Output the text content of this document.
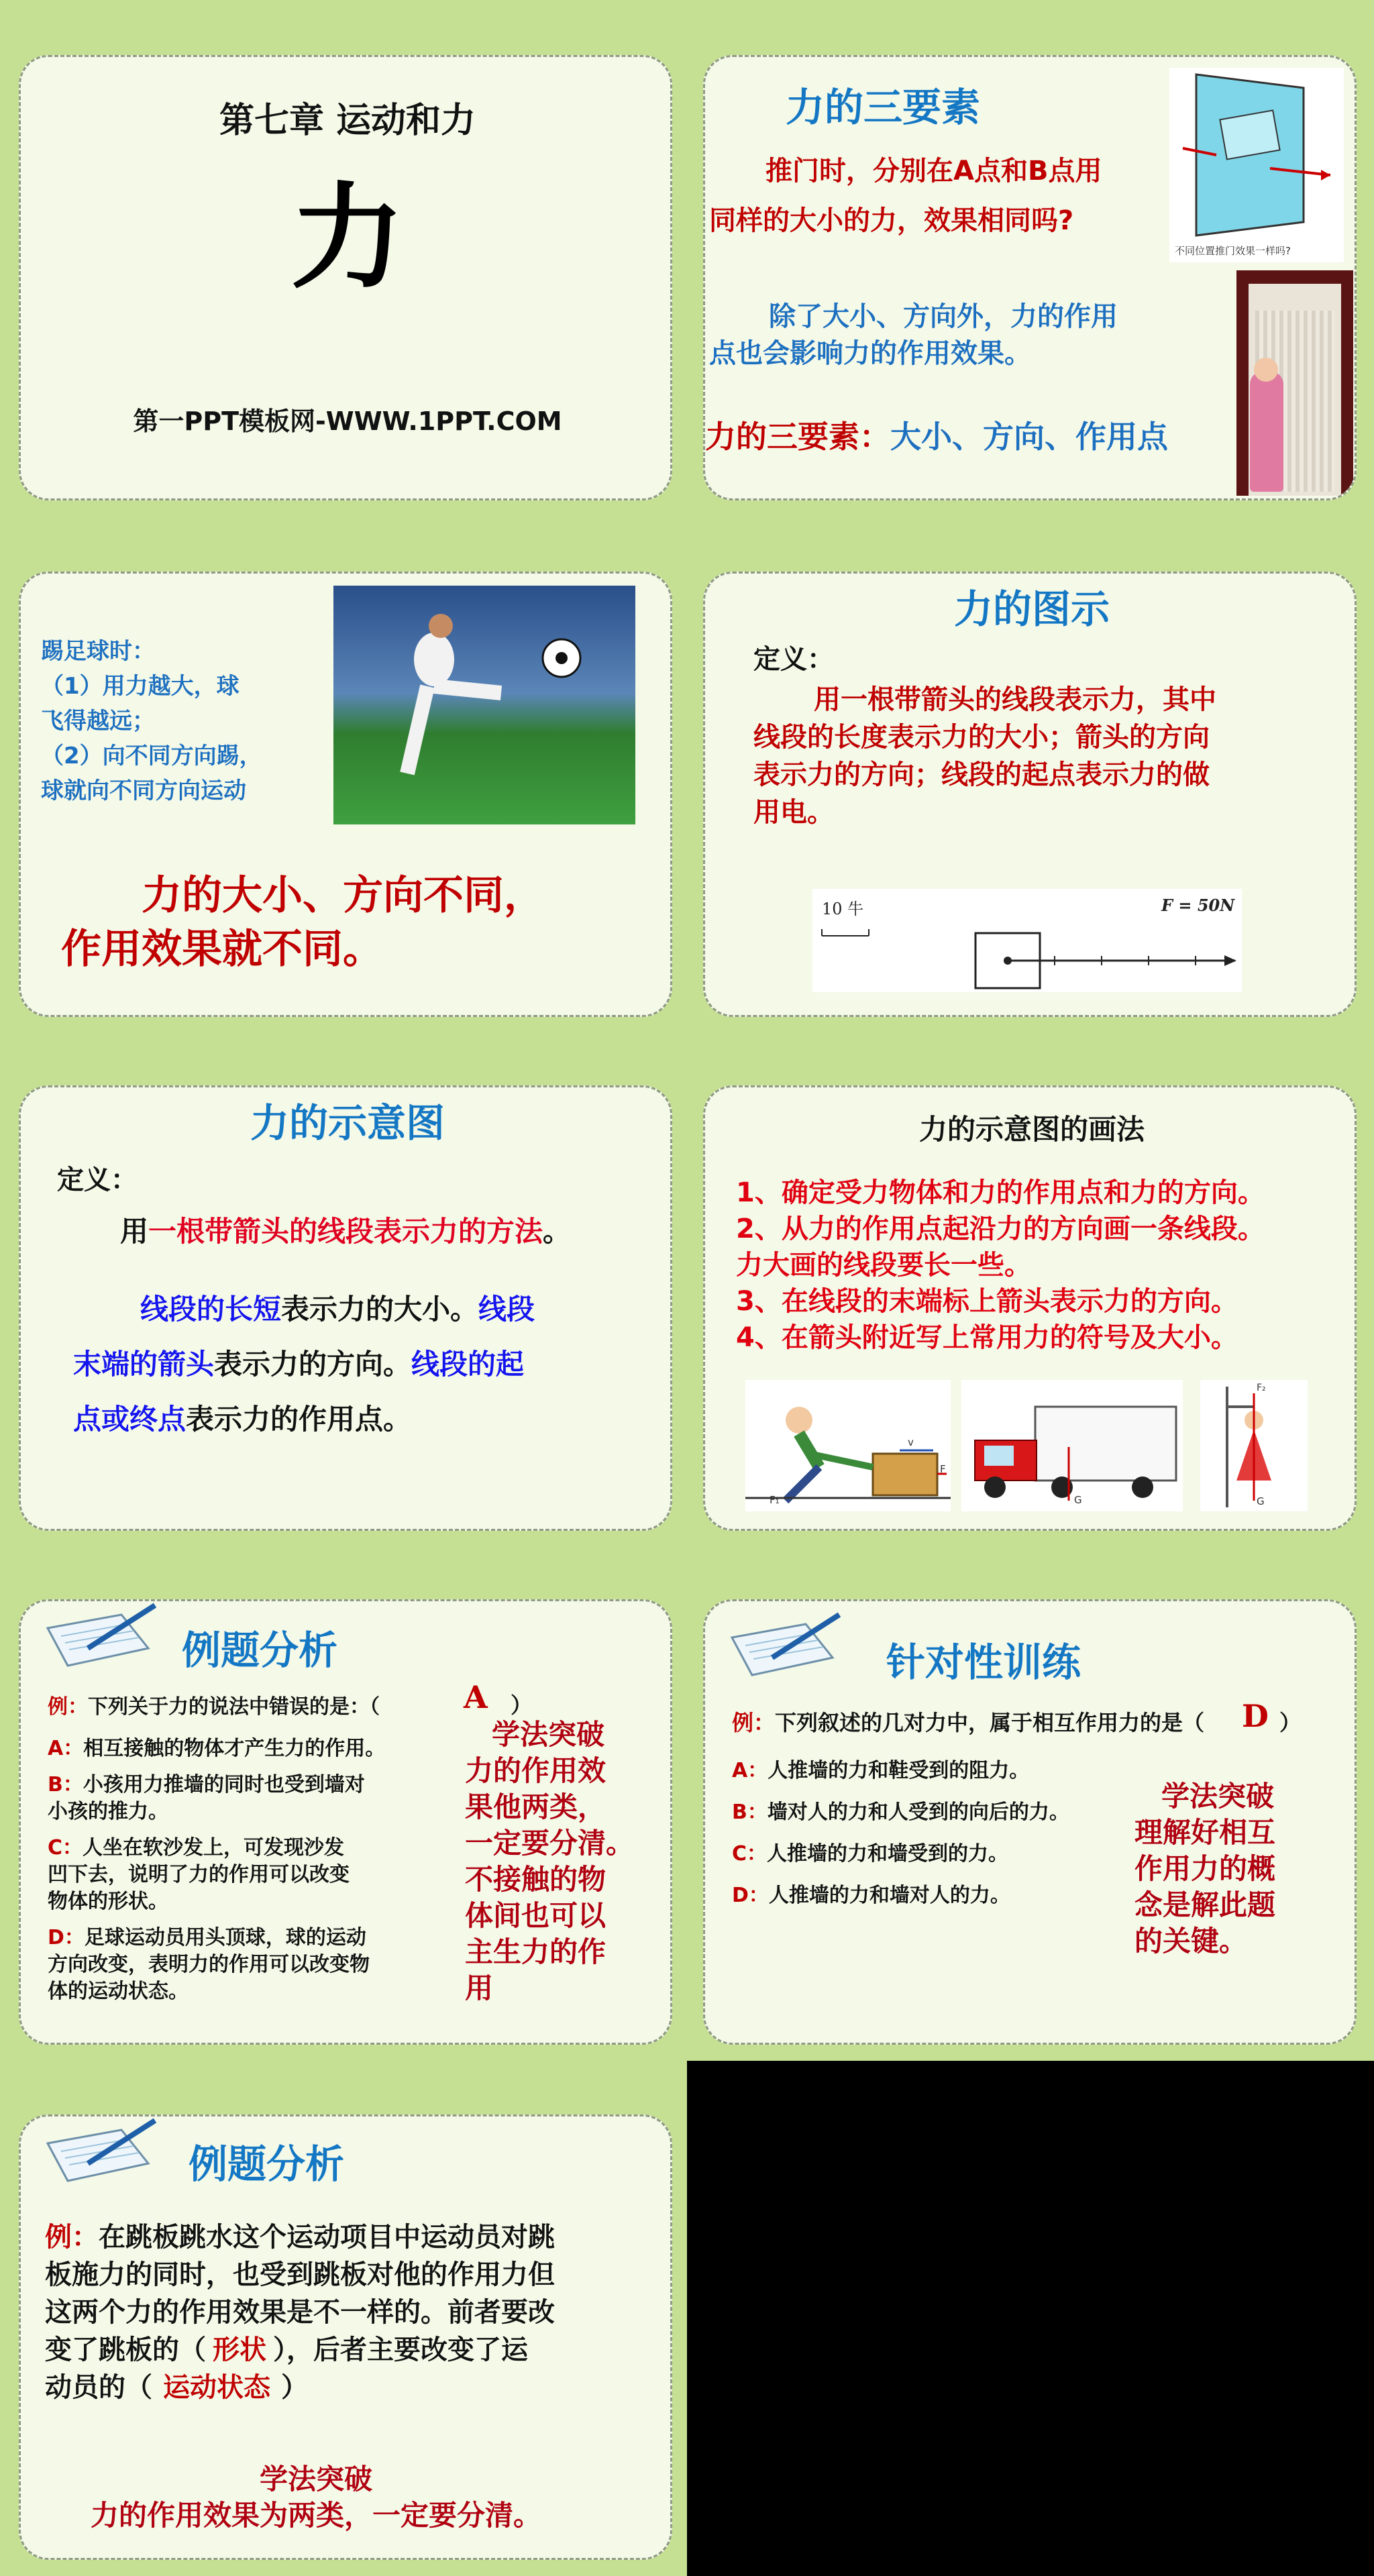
第七章 运动和力
力
第一PPT模板网-WWW.1PPT.COM
力的三要素
推门时，分别在A点和B点用
同样的大小的力，效果相同吗?
除了大小、方向外，力的作用
点也会影响力的作用效果。
力的三要素：大小、方向、作用点
不同位置推门效果一样吗?
踢足球时：
（1）用力越大，球
飞得越远；
（2）向不同方向踢，
球就向不同方向运动
力的大小、方向不同，
作用效果就不同。
力的图示
定义：
用一根带箭头的线段表示力，其中
线段的长度表示力的大小；箭头的方向
表示力的方向；线段的起点表示力的做
用电。
10 牛	F = 50N
力的示意图
定义：
用一根带箭头的线段表示力的方法。
线段的长短表示力的大小。线段
末端的箭头表示力的方向。线段的起
点或终点表示力的作用点。
力的示意图的画法
1、确定受力物体和力的作用点和力的方向。
2、从力的作用点起沿力的方向画一条线段。
力大画的线段要长一些。
3、在线段的末端标上箭头表示力的方向。
4、在箭头附近写上常用力的符号及大小。
F₁
F
v
G
F₂
G
例题分析
例：下列关于力的说法中错误的是：（	A ）
A：相互接触的物体才产生力的作用。
B：小孩用力推墙的同时也受到墙对
小孩的推力。
C：人坐在软沙发上，可发现沙发
凹下去，说明了力的作用可以改变
物体的形状。
D：足球运动员用头顶球，球的运动
方向改变，表明力的作用可以改变物
体的运动状态。
学法突破
力的作用效
果他两类，
一定要分清。
不接触的物
体间也可以
主生力的作
用
针对性训练
例：下列叙述的几对力中，属于相互作用力的是（ D ）
A：人推墙的力和鞋受到的阻力。
B：墙对人的力和人受到的向后的力。
C：人推墙的力和墙受到的力。
D：人推墙的力和墙对人的力。
学法突破
理解好相互
作用力的概
念是解此题
的关键。
例题分析
例：在跳板跳水这个运动项目中运动员对跳
板施力的同时，也受到跳板对他的作用力但
这两个力的作用效果是不一样的。前者要改
变了跳板的（ 形状 ），后者主要改变了运
动员的（ 运动状态 ）
学法突破
力的作用效果为两类，一定要分清。
